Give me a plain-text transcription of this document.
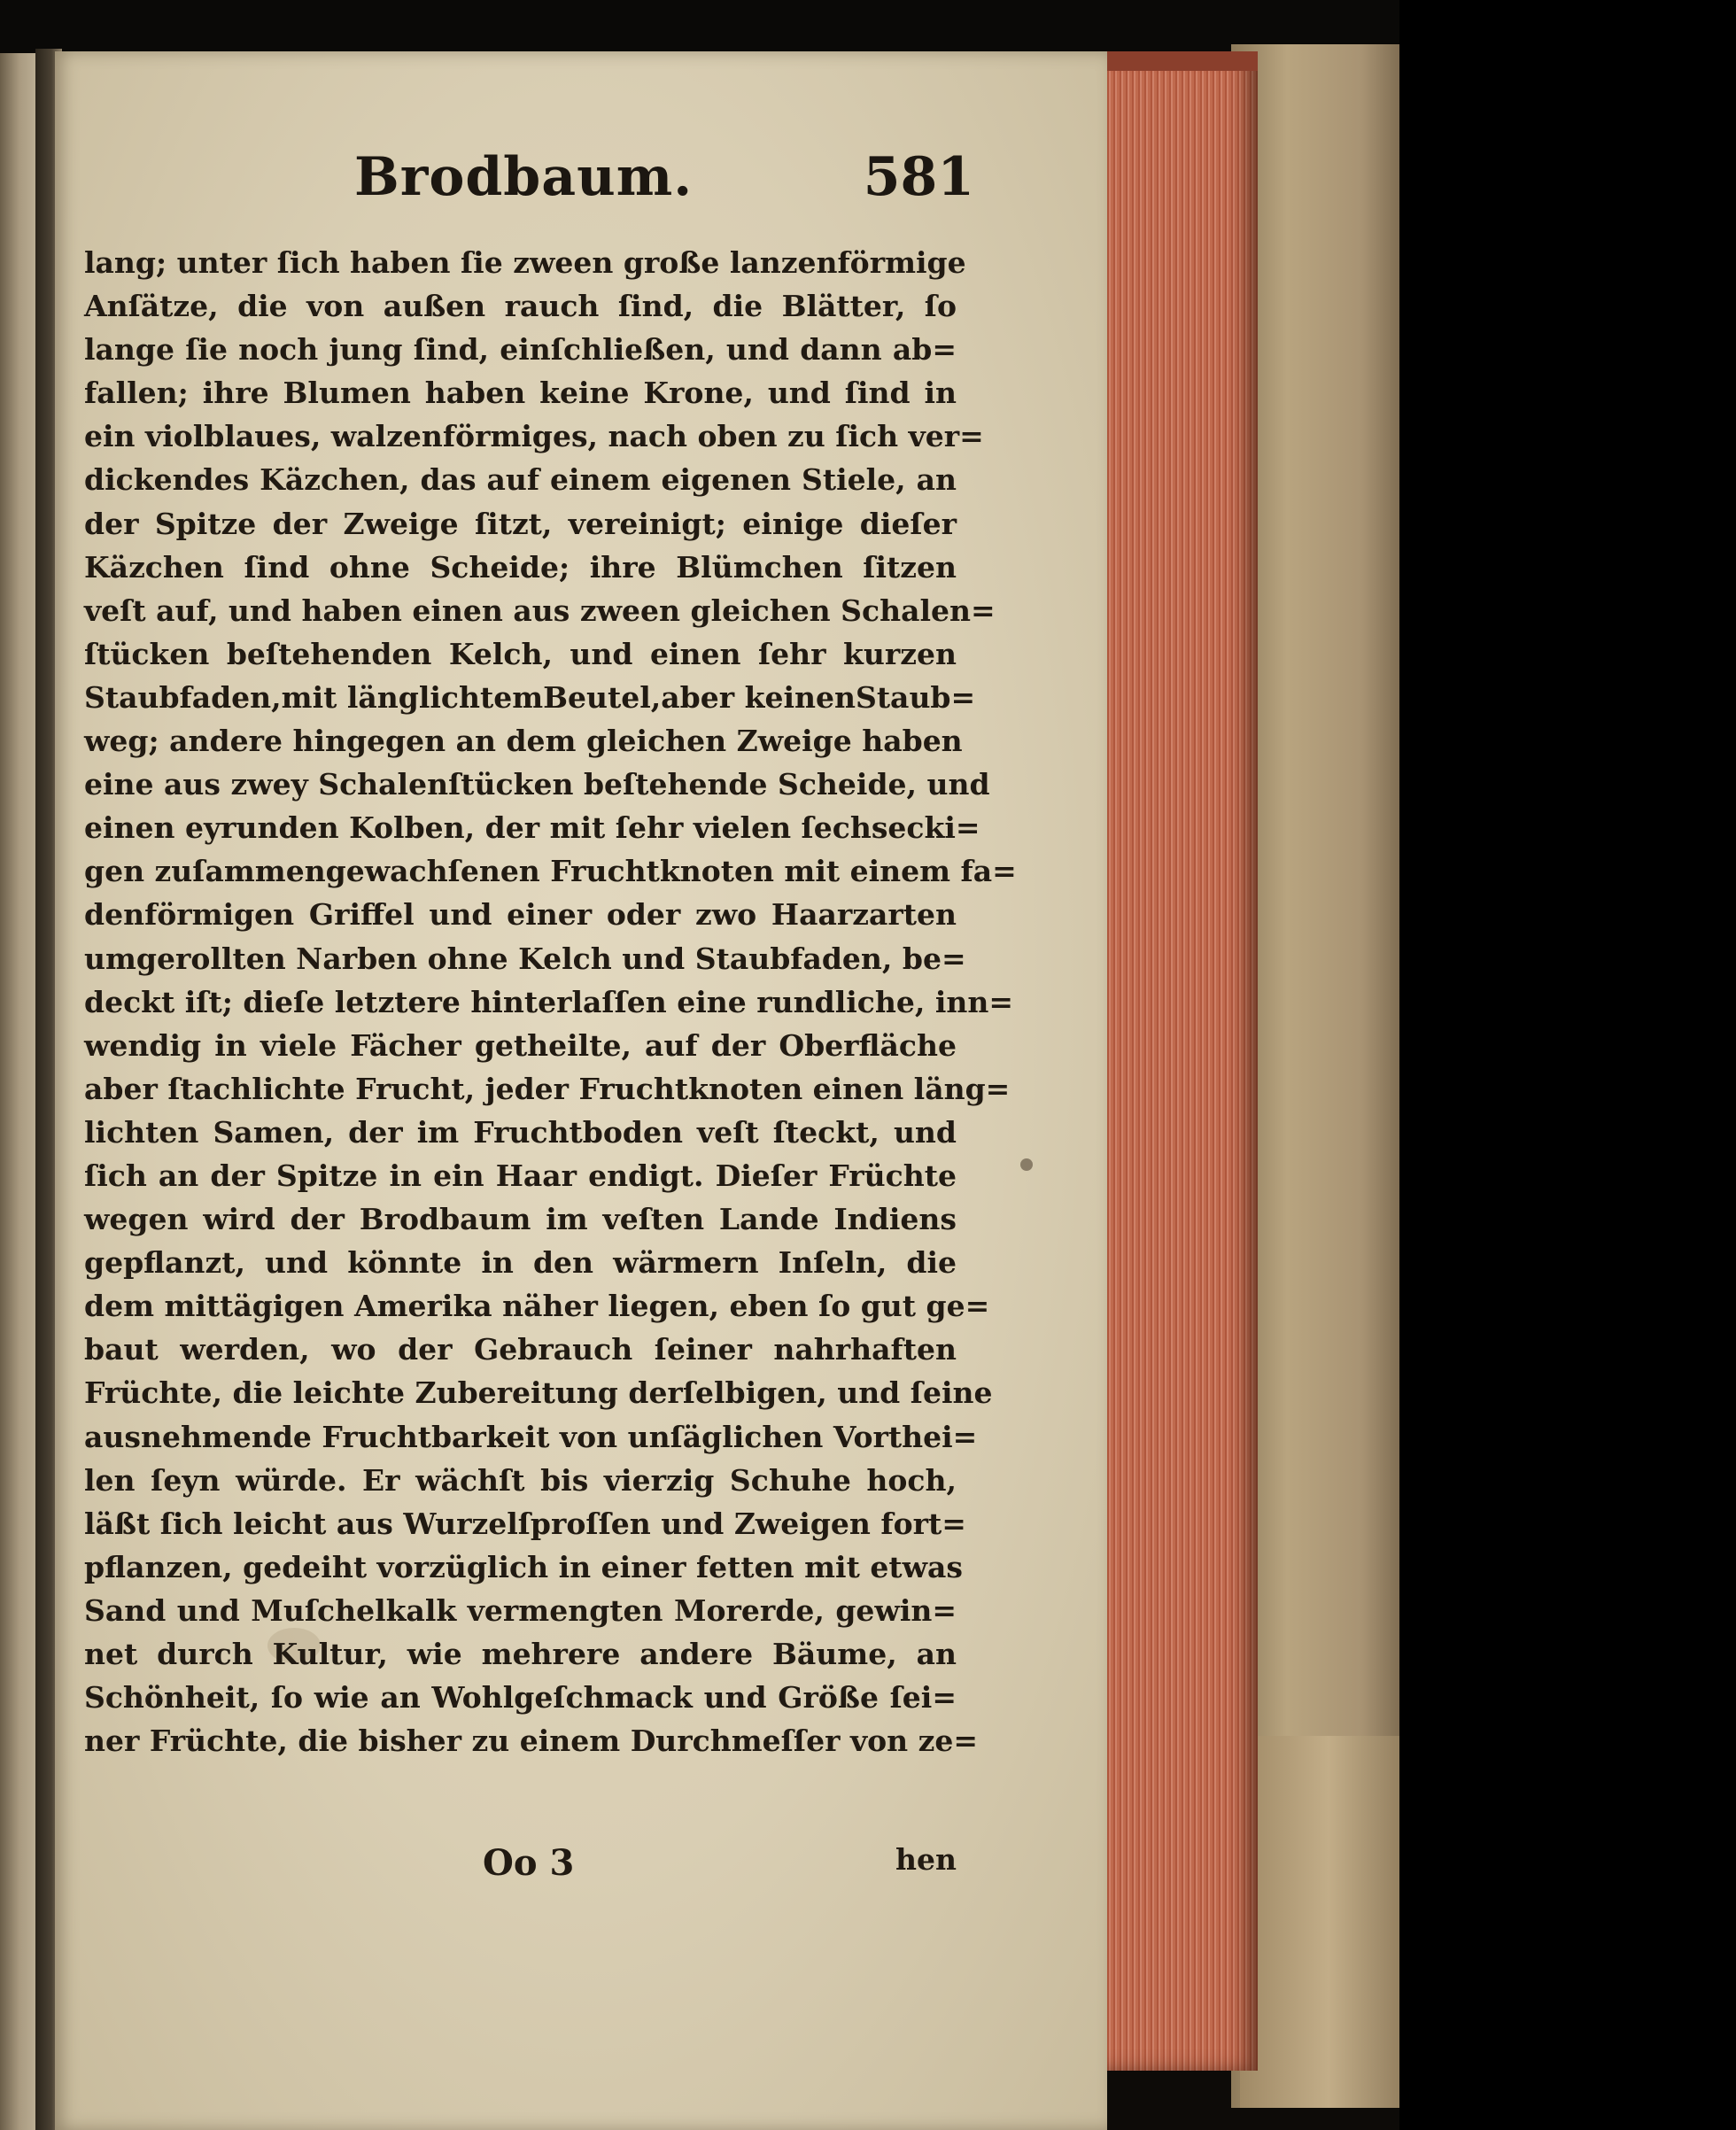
Brodbaum.	581
lang; unter ſich haben ſie zween große lanzenförmige
Anſätze, die von außen rauch ſind, die Blätter, ſo
lange ſie noch jung ſind, einſchließen, und dann ab=
fallen; ihre Blumen haben keine Krone, und ſind in
ein violblaues, walzenförmiges, nach oben zu ſich ver=
dickendes Käzchen, das auf einem eigenen Stiele, an
der Spitze der Zweige ſitzt, vereinigt; einige dieſer
Käzchen ſind ohne Scheide; ihre Blümchen ſitzen
veſt auf, und haben einen aus zween gleichen Schalen=
ſtücken beſtehenden Kelch, und einen ſehr kurzen
Staubfaden,mit länglichtemBeutel,aber keinenStaub=
weg; andere hingegen an dem gleichen Zweige haben
eine aus zwey Schalenſtücken beſtehende Scheide, und
einen eyrunden Kolben, der mit ſehr vielen ſechsecki=
gen zuſammengewachſenen Fruchtknoten mit einem fa=
denförmigen Griffel und einer oder zwo Haarzarten
umgerollten Narben ohne Kelch und Staubfaden, be=
deckt iſt; dieſe letztere hinterlaſſen eine rundliche, inn=
wendig in viele Fächer getheilte, auf der Oberfläche
aber ſtachlichte Frucht, jeder Fruchtknoten einen läng=
lichten Samen, der im Fruchtboden veſt ſteckt, und
ſich an der Spitze in ein Haar endigt. Dieſer Früchte
wegen wird der Brodbaum im veſten Lande Indiens
gepflanzt, und könnte in den wärmern Inſeln, die
dem mittägigen Amerika näher liegen, eben ſo gut ge=
baut werden, wo der Gebrauch ſeiner nahrhaften
Früchte, die leichte Zubereitung derſelbigen, und ſeine
ausnehmende Fruchtbarkeit von unſäglichen Vorthei=
len ſeyn würde. Er wächſt bis vierzig Schuhe hoch,
läßt ſich leicht aus Wurzelſproſſen und Zweigen fort=
pflanzen, gedeiht vorzüglich in einer fetten mit etwas
Sand und Muſchelkalk vermengten Morerde, gewin=
net durch Kultur, wie mehrere andere Bäume, an
Schönheit, ſo wie an Wohlgeſchmack und Größe ſei=
ner Früchte, die bisher zu einem Durchmeſſer von ze=
Oo 3	hen
